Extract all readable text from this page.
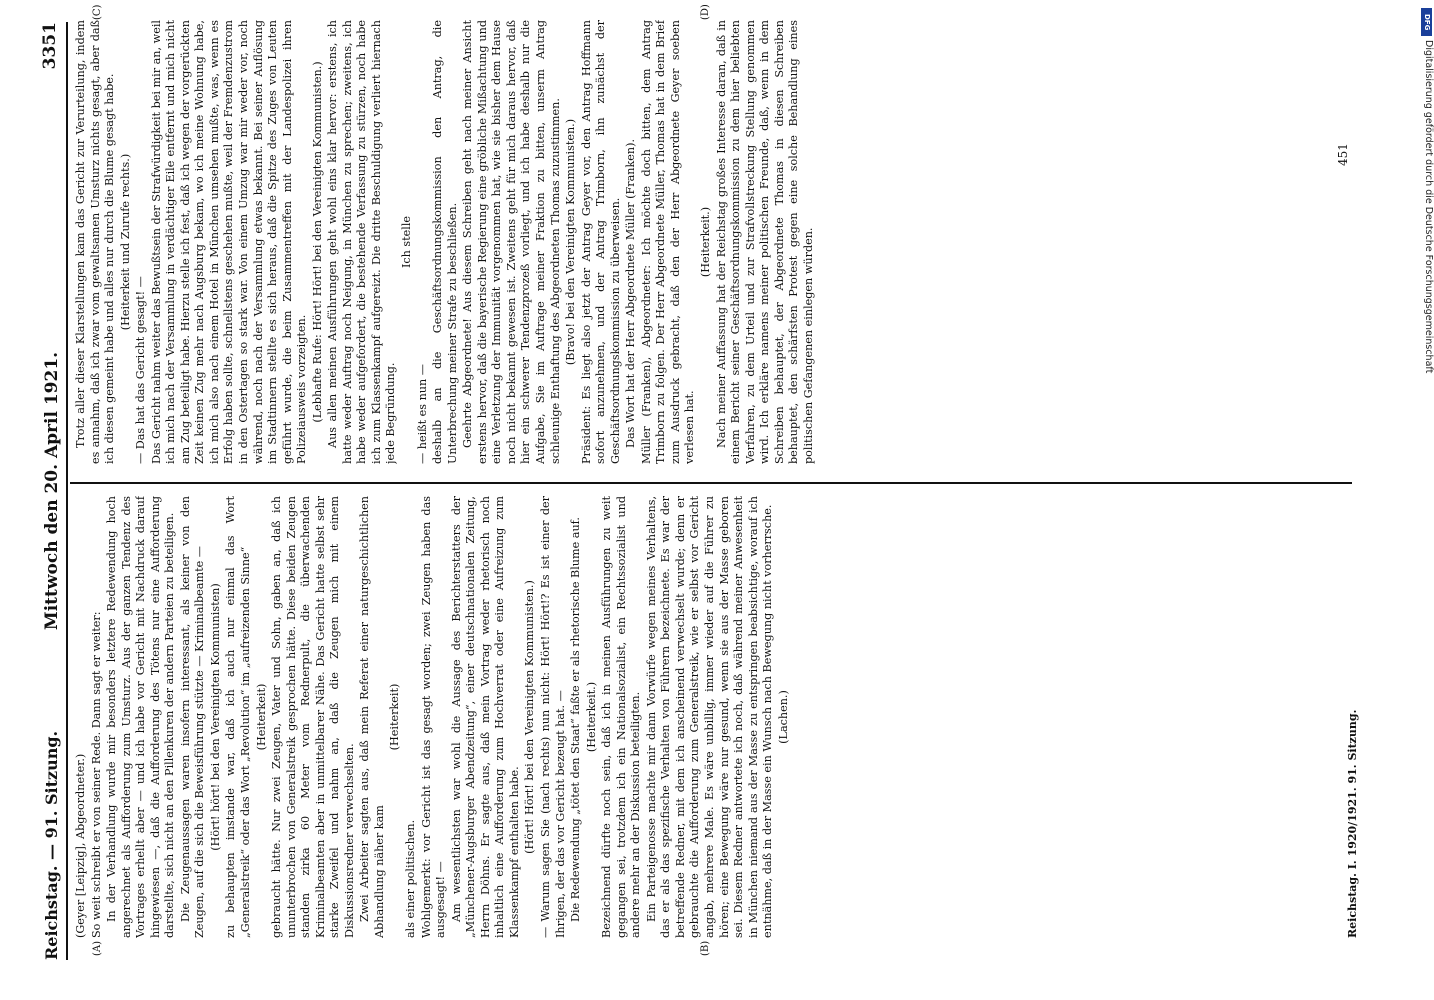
Reichstag. — 91. Sitzung.
Mittwoch den 20. April 1921.
3351
(A)	(B)
(C)	(D)

(Geyer [Leipzig], Abgeordneter.) So weit schreibt er von seiner Rede. Dann sagt er weiter: In der Verhandlung wurde mir besonders letztere Redewendung hoch angerechnet als Aufforderung zum Umsturz. Aus der ganzen Tendenz des Vortrages erhellt aber — und ich habe vor Gericht mit Nachdruck darauf hingewiesen —, daß die Aufforderung des Tötens nur eine Aufforderung darstellte, sich nicht an den Pillenkuren der andern Parteien zu beteiligen. Die Zeugenaussagen waren insofern interessant, als keiner von den Zeugen, auf die sich die Beweisführung stützte — Kriminalbeamte — (Hört! hört! bei den Vereinigten Kommunisten) zu behaupten imstande war, daß ich auch nur einmal das Wort „Generalstreik“ oder das Wort „Revolution“ im „aufreizenden Sinne“ (Heiterkeit) gebraucht hätte. Nur zwei Zeugen, Vater und Sohn, gaben an, daß ich ununterbrochen von Generalstreik gesprochen hätte. Diese beiden Zeugen standen zirka 60 Meter vom Rednerpult, die überwachenden Kriminalbeamten aber in unmittelbarer Nähe. Das Gericht hatte selbst sehr starke Zweifel und nahm an, daß die Zeugen mich mit einem Diskussionsredner verwechselten. Zwei Arbeiter sagten aus, daß mein Referat einer naturgeschichtlichen Abhandlung näher kam

(Heiterkeit)

als einer politischen. Wohlgemerkt: vor Gericht ist das gesagt worden; zwei Zeugen haben das ausgesagt! — Am wesentlichsten war wohl die Aussage des Berichterstatters der „Münchener-Augsburger Abendzeitung“, einer deutschnationalen Zeitung, Herrn Döhns. Er sagte aus, daß mein Vortrag weder rhetorisch noch inhaltlich eine Aufforderung zum Hochverrat oder eine Aufreizung zum Klassenkampf enthalten habe. (Hört! Hört! bei den Vereinigten Kommunisten.) — Warum sagen Sie (nach rechts) nun nicht: Hört! Hört!? Es ist einer der Ihrigen, der das vor Gericht bezeugt hat. — Die Redewendung „tötet den Staat“ faßte er als rhetorische Blume auf. (Heiterkeit.) Bezeichnend dürfte noch sein, daß ich in meinen Ausführungen zu weit gegangen sei, trotzdem ich ein Nationalsozialist, ein Rechtssozialist und andere mehr an der Diskussion beteiligten. Ein Parteigenosse machte mir dann Vorwürfe wegen meines Verhaltens, das er als das spezifische Verhalten von Führern bezeichnete. Es war der betreffende Redner, mit dem ich anscheinend verwechselt wurde; denn er gebrauchte die Aufforderung zum Generalstreik, wie er selbst vor Gericht angab, mehrere Male. Es wäre unbillig, immer wieder auf die Führer zu hören; eine Bewegung wäre nur gesund, wenn sie aus der Masse geboren sei. Diesem Redner antwortete ich noch, daß während meiner Anwesenheit in München niemand aus der Masse zu entspringen beabsichtige, worauf ich entnähme, daß in der Masse ein Wunsch nach Bewegung nicht vorherrsche. (Lachen.)

Trotz aller dieser Klarstellungen kam das Gericht zur Verurteilung, indem es annahm, daß ich zwar vom gewaltsamen Umsturz nichts gesagt, aber daß ich diesen gemeint habe und alles nur durch die Blume gesagt habe. (Heiterkeit und Zurufe rechts.)

— Das hat das Gericht gesagt! — Das Gericht nahm weiter das Bewußtsein der Strafwürdigkeit bei mir an, weil ich mich nach der Versammlung in verdächtiger Eile entfernt und mich nicht am Zug beteiligt habe. Hierzu stelle ich fest, daß ich wegen der vorgerückten Zeit keinen Zug mehr nach Augsburg bekam, wo ich meine Wohnung habe, ich mich also nach einem Hotel in München umsehen mußte, was, wenn es Erfolg haben sollte, schnellstens geschehen mußte, weil der Fremdenzustrom in den Ostertagen so stark war. Von einem Umzug war mir weder vor, noch während, noch nach der Versammlung etwas bekannt. Bei seiner Auflösung im Stadtinnern stellte es sich heraus, daß die Spitze des Zuges von Leuten geführt wurde, die beim Zusammentreffen mit der Landespolizei ihren Polizeiausweis vorzeigten. (Lebhafte Rufe: Hört! Hört! bei den Vereinigten Kommunisten.) Aus allen meinen Ausführungen geht wohl eins klar hervor: erstens, ich hatte weder Auftrag noch Neigung, in München zu sprechen; zweitens, ich habe weder aufgefordert, die bestehende Verfassung zu stürzen, noch habe ich zum Klassenkampf aufgereizt. Die dritte Beschuldigung verliert hiernach jede Begründung.

Ich stelle

— heißt es nun — deshalb an die Geschäftsordnungskommission den Antrag, die Unterbrechung meiner Strafe zu beschließen. Geehrte Abgeordnete! Aus diesem Schreiben geht nach meiner Ansicht erstens hervor, daß die bayerische Regierung eine gröbliche Mißachtung und eine Verletzung der Immunität vorgenommen hat, wie sie bisher dem Hause noch nicht bekannt gewesen ist. Zweitens geht für mich daraus hervor, daß hier ein schwerer Tendenzprozeß vorliegt, und ich habe deshalb nur die Aufgabe, Sie im Auftrage meiner Fraktion zu bitten, unserm Antrag schleunige Enthaftung des Abgeordneten Thomas zuzustimmen. (Bravo! bei den Vereinigten Kommunisten.) Präsident: Es liegt also jetzt der Antrag Geyer vor, den Antrag Hoffmann sofort anzunehmen, und der Antrag Trimborn, ihn zunächst der Geschäftsordnungskommission zu überweisen. Das Wort hat der Herr Abgeordnete Müller (Franken). Müller (Franken), Abgeordneter: Ich möchte doch bitten, dem Antrag Trimborn zu folgen. Der Herr Abgeordnete Müller, Thomas hat in dem Brief zum Ausdruck gebracht, daß den der Herr Abgeordnete Geyer soeben verlesen hat.

(Heiterkeit.) Nach meiner Auffassung hat der Reichstag großes Interesse daran, daß in einem Bericht seiner Geschäftsordnungskommission zu dem hier beliebten Verfahren, zu dem Urteil und zur Strafvollstreckung Stellung genommen wird. Ich erkläre namens meiner politischen Freunde, daß, wenn in dem Schreiben behauptet, der Abgeordnete Thomas in diesen Schreiben behauptet, den schärfsten Protest gegen eine solche Behandlung eines politischen Gefangenen einlegen würden.

Reichstag. I. 1920/1921. 91. Sitzung.
451
DFG
Digitalisierung gefördert durch die Deutsche Forschungsgemeinschaft
